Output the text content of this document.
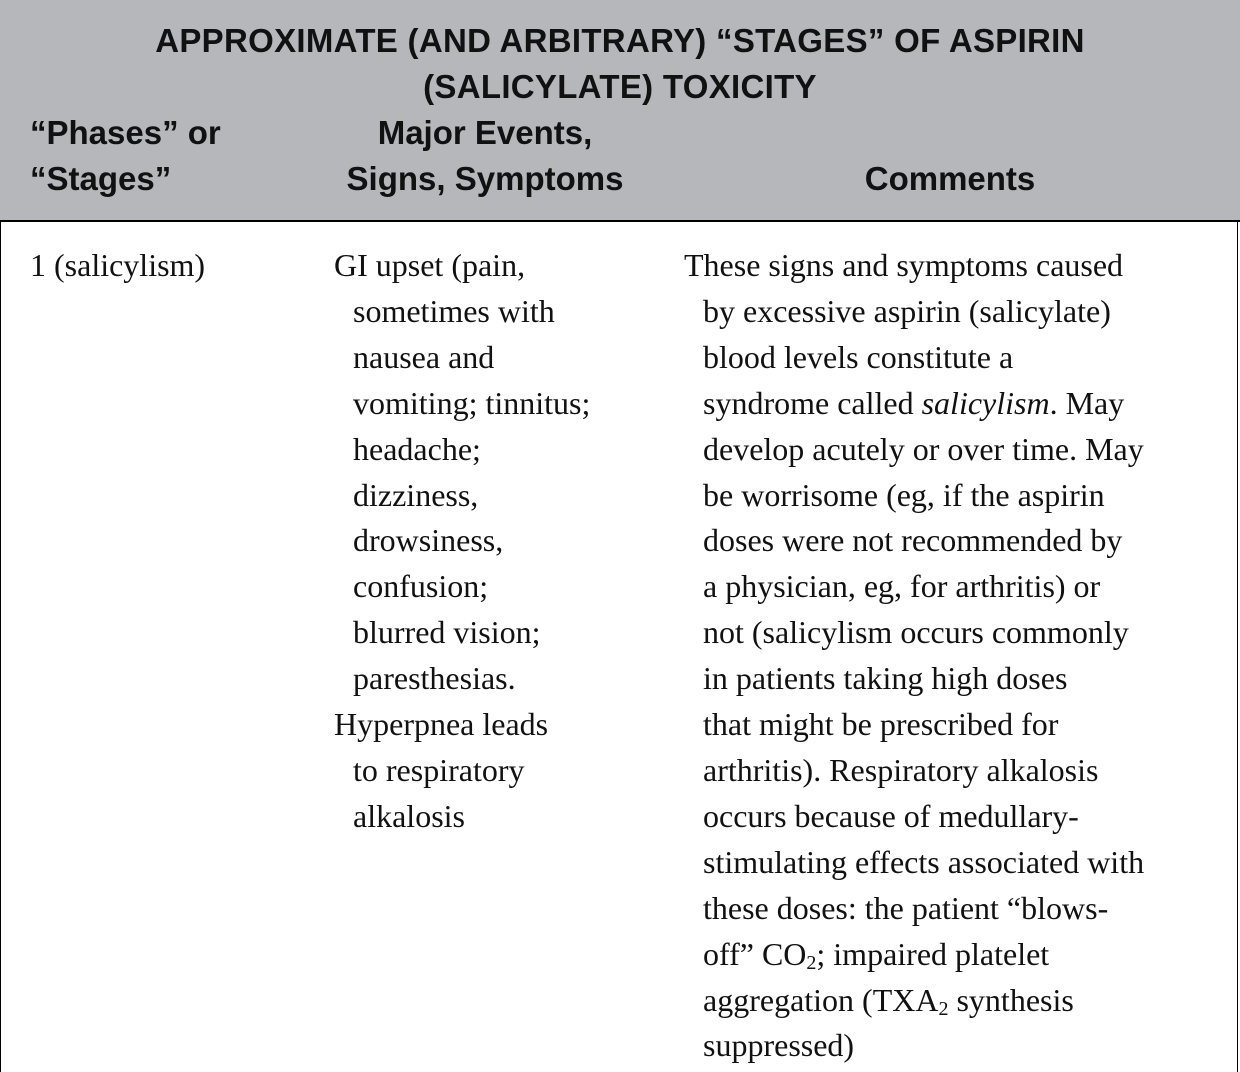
APPROXIMATE (AND ARBITRARY) “STAGES” OF ASPIRIN
(SALICYLATE) TOXICITY
“Phases” or
“Stages”
Major Events,
Signs, Symptoms	Comments
1 (salicylism)	GI upset (pain,
sometimes with
nausea and
vomiting; tinnitus;
headache;
dizziness,
drowsiness,
confusion;
blurred vision;
paresthesias.
Hyperpnea leads
to respiratory
alkalosis
These signs and symptoms caused
by excessive aspirin (salicylate)
blood levels constitute a
syndrome called salicylism. May
develop acutely or over time. May
be worrisome (eg, if the aspirin
doses were not recommended by
a physician, eg, for arthritis) or
not (salicylism occurs commonly
in patients taking high doses
that might be prescribed for
arthritis). Respiratory alkalosis
occurs because of medullary-
stimulating effects associated with
these doses: the patient “blows-
off” $CO_2$; impaired platelet
aggregation ($TXA_2$ synthesis
suppressed)
